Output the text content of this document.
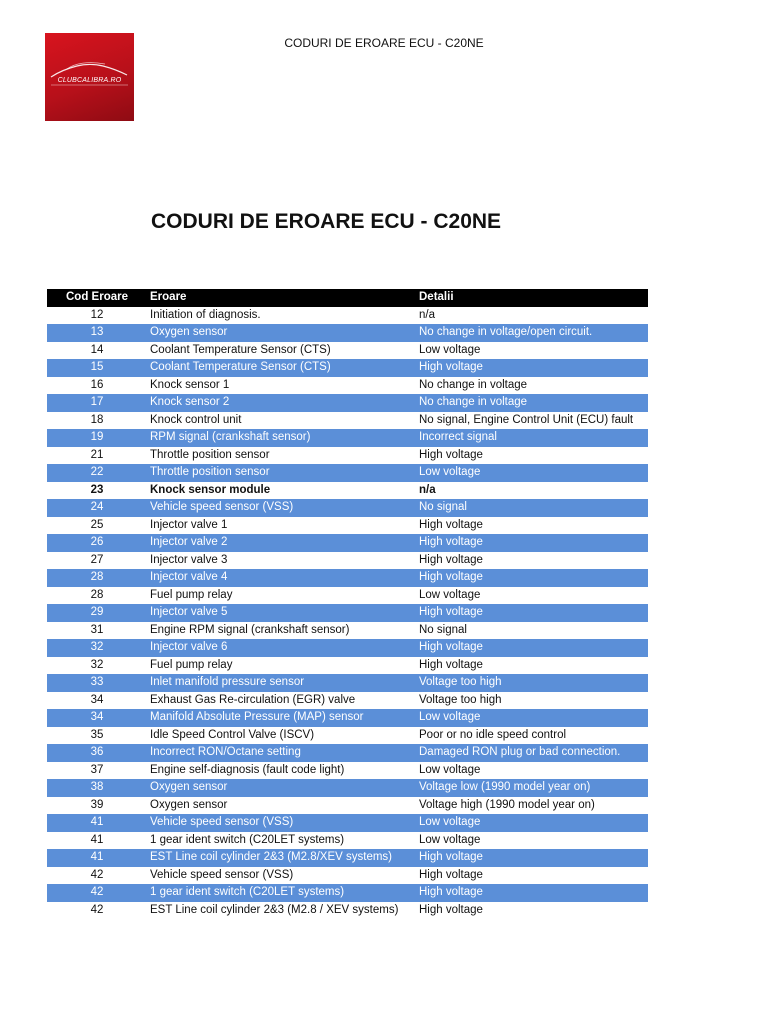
CLUBCALIBRA.RO
CODURI DE EROARE ECU - C20NE
CODURI DE EROARE ECU - C20NE
Cod Eroare	Eroare	Detalii
12	Initiation of diagnosis.	n/a
13	Oxygen sensor	No change in voltage/open circuit.
14	Coolant Temperature Sensor (CTS)	Low voltage
15	Coolant Temperature Sensor (CTS)	High voltage
16	Knock sensor 1	No change in voltage
17	Knock sensor 2	No change in voltage
18	Knock control unit	No signal, Engine Control Unit (ECU) fault
19	RPM signal (crankshaft sensor)	Incorrect signal
21	Throttle position sensor	High voltage
22	Throttle position sensor	Low voltage
23	Knock sensor module	n/a
24	Vehicle speed sensor (VSS)	No signal
25	Injector valve 1	High voltage
26	Injector valve 2	High voltage
27	Injector valve 3	High voltage
28	Injector valve 4	High voltage
28	Fuel pump relay	Low voltage
29	Injector valve 5	High voltage
31	Engine RPM signal (crankshaft sensor)	No signal
32	Injector valve 6	High voltage
32	Fuel pump relay	High voltage
33	Inlet manifold pressure sensor	Voltage too high
34	Exhaust Gas Re-circulation (EGR) valve	Voltage too high
34	Manifold Absolute Pressure (MAP) sensor	Low voltage
35	Idle Speed Control Valve (ISCV)	Poor or no idle speed control
36	Incorrect RON/Octane setting	Damaged RON plug or bad connection.
37	Engine self-diagnosis (fault code light)	Low voltage
38	Oxygen sensor	Voltage low (1990 model year on)
39	Oxygen sensor	Voltage high (1990 model year on)
41	Vehicle speed sensor (VSS)	Low voltage
41	1 gear ident switch (C20LET systems)	Low voltage
41	EST Line coil cylinder 2&3 (M2.8/XEV systems)	High voltage
42	Vehicle speed sensor (VSS)	High voltage
42	1 gear ident switch (C20LET systems)	High voltage
42	EST Line coil cylinder 2&3 (M2.8 / XEV systems)	High voltage
